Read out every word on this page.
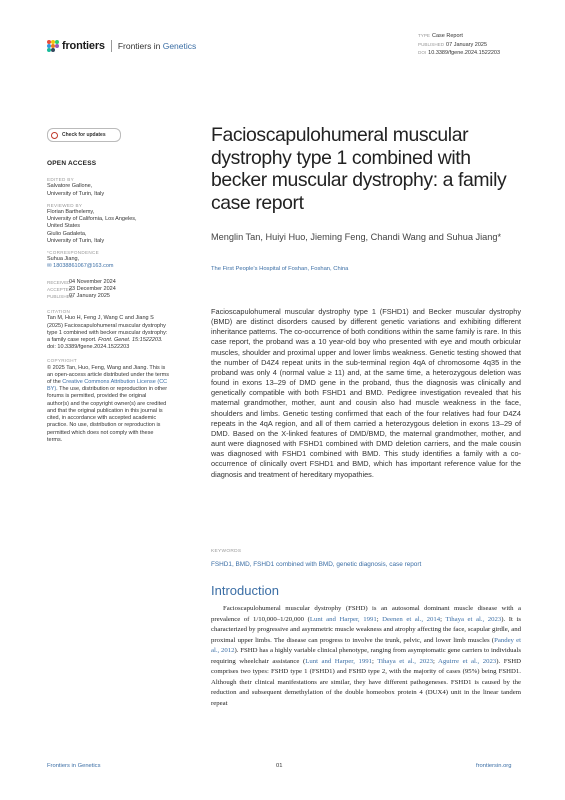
frontiers Frontiers in Genetics
TYPE Case Report
PUBLISHED 07 January 2025
DOI 10.3389/fgene.2024.1522203
Check for updates
OPEN ACCESS
EDITED BY
Salvatore Gallone,
University of Turin, Italy
REVIEWED BY
Florian Barthelemy,
University of California, Los Angeles,
United States
Giulio Gadaleta,
University of Turin, Italy
*CORRESPONDENCE
Suhua Jiang,
✉ 18038861067@163.com
RECEIVED
04 November 2024
ACCEPTED
23 December 2024
PUBLISHED
07 January 2025
CITATION
Tan M, Huo H, Feng J, Wang C and Jiang S (2025) Facioscapulohumeral muscular dystrophy type 1 combined with becker muscular dystrophy: a family case report. Front. Genet. 15:1522203. doi: 10.3389/fgene.2024.1522203
COPYRIGHT
© 2025 Tan, Huo, Feng, Wang and Jiang. This is an open-access article distributed under the terms of the Creative Commons Attribution License (CC BY). The use, distribution or reproduction in other forums is permitted, provided the original author(s) and the copyright owner(s) are credited and that the original publication in this journal is cited, in accordance with accepted academic practice. No use, distribution or reproduction is permitted which does not comply with these terms.
Facioscapulohumeral muscular dystrophy type 1 combined with becker muscular dystrophy: a family case report
Menglin Tan, Huiyi Huo, Jieming Feng, Chandi Wang and Suhua Jiang*
The First People's Hospital of Foshan, Foshan, China
Facioscapulohumeral muscular dystrophy type 1 (FSHD1) and Becker muscular dystrophy (BMD) are distinct disorders caused by different genetic variations and exhibiting different inheritance patterns. The co-occurrence of both conditions within the same family is rare. In this case report, the proband was a 10 year-old boy who presented with eye and mouth orbicular muscles, shoulder and proximal upper and lower limbs weakness. Genetic testing showed that the number of D4Z4 repeat units in the sub-terminal region 4qA of chromosome 4q35 in the proband was only 4 (normal value ≥ 11) and, at the same time, a heterozygous deletion was found in exons 13–29 of DMD gene in the proband, thus the diagnosis was clinically and genetically compatible with both FSHD1 and BMD. Pedigree investigation revealed that his maternal grandmother, mother, aunt and cousin also had muscle weakness in the face, shoulders and limbs. Genetic testing confirmed that each of the four relatives had four D4Z4 repeats in the 4qA region, and all of them carried a heterozygous deletion in exons 13–29 of DMD. Based on the X-linked features of DMD/BMD, the maternal grandmother, mother, and aunt were diagnosed with FSHD1 combined with DMD deletion carriers, and the male cousin was diagnosed with FSHD1 combined with BMD. This study identifies a family with a co-occurrence of clinically overt FSHD1 and BMD, which has important reference value for the diagnosis and treatment of hereditary myopathies.
KEYWORDS
FSHD1, BMD, FSHD1 combined with BMD, genetic diagnosis, case report
Introduction
Facioscapulohumeral muscular dystrophy (FSHD) is an autosomal dominant muscle disease with a prevalence of 1/10,000–1/20,000 (Lunt and Harper, 1991; Deenen et al., 2014; Tihaya et al., 2023). It is characterized by progressive and asymmetric muscle weakness and atrophy affecting the face, scapular girdle, and proximal upper limbs. The disease can progress to involve the trunk, pelvic, and lower limb muscles (Pandey et al., 2012). FSHD has a highly variable clinical phenotype, ranging from asymptomatic gene carriers to individuals requiring wheelchair assistance (Lunt and Harper, 1991; Tihaya et al., 2023; Aguirre et al., 2023). FSHD comprises two types: FSHD type 1 (FSHD1) and FSHD type 2, with the majority of cases (95%) being FSHD1. Although their clinical manifestations are similar, they have different pathogeneses. FSHD1 is caused by the reduction and subsequent demethylation of the double homeobox protein 4 (DUX4) unit in the linear tandem repeat
Frontiers in Genetics	01	frontiersin.org
